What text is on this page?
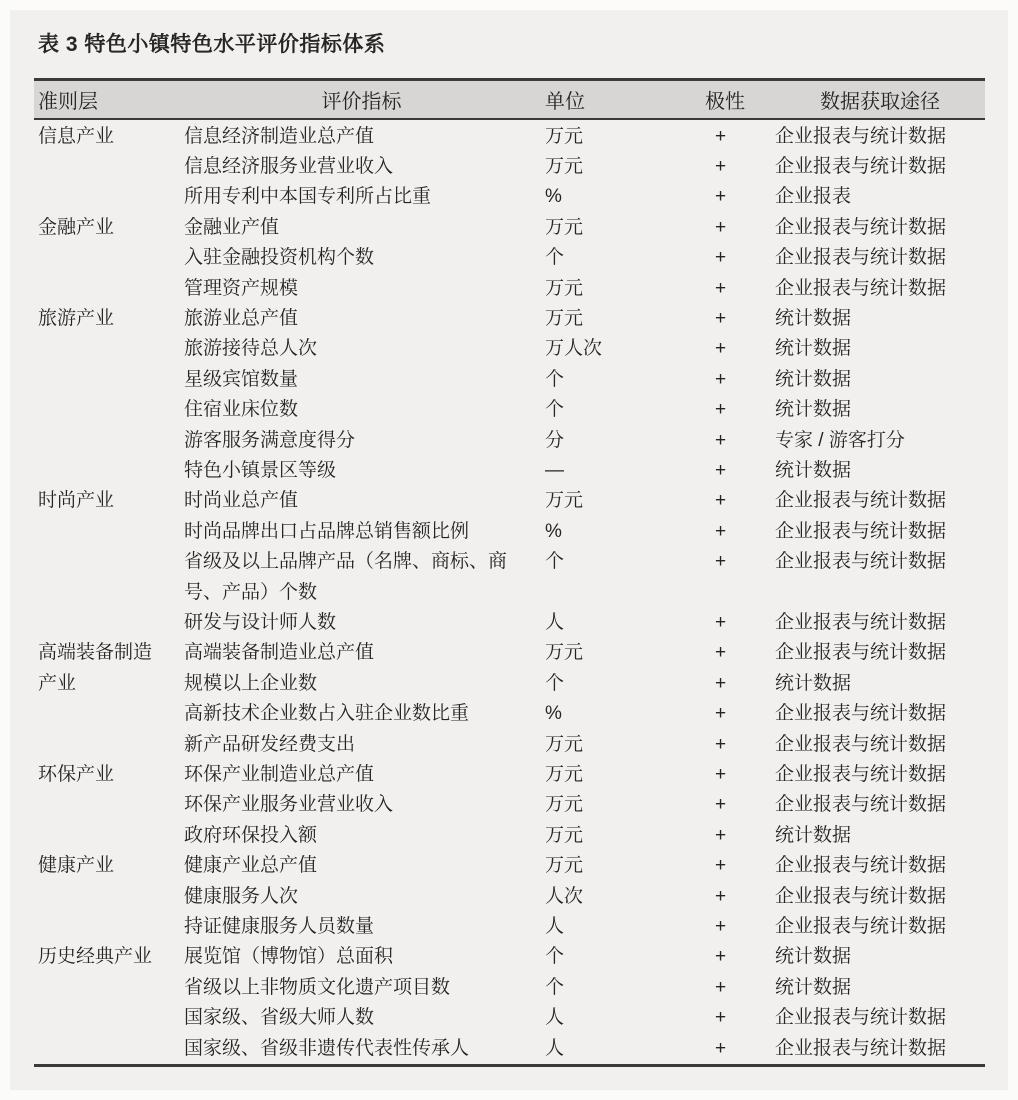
表 3 特色小镇特色水平评价指标体系
准则层	评价指标	单位	极性	数据获取途径
信息产业	信息经济制造业总产值	万元	+	企业报表与统计数据
	信息经济服务业营业收入	万元	+	企业报表与统计数据
	所用专利中本国专利所占比重	%	+	企业报表
金融产业	金融业产值	万元	+	企业报表与统计数据
	入驻金融投资机构个数	个	+	企业报表与统计数据
	管理资产规模	万元	+	企业报表与统计数据
旅游产业	旅游业总产值	万元	+	统计数据
	旅游接待总人次	万人次	+	统计数据
	星级宾馆数量	个	+	统计数据
	住宿业床位数	个	+	统计数据
	游客服务满意度得分	分	+	专家 / 游客打分
	特色小镇景区等级	—	+	统计数据
时尚产业	时尚业总产值	万元	+	企业报表与统计数据
	时尚品牌出口占品牌总销售额比例	%	+	企业报表与统计数据
	省级及以上品牌产品（名牌、商标、商号、产品）个数	个	+	企业报表与统计数据
	研发与设计师人数	人	+	企业报表与统计数据
高端装备制造产业	高端装备制造业总产值	万元	+	企业报表与统计数据
	规模以上企业数	个	+	统计数据
	高新技术企业数占入驻企业数比重	%	+	企业报表与统计数据
	新产品研发经费支出	万元	+	企业报表与统计数据
环保产业	环保产业制造业总产值	万元	+	企业报表与统计数据
	环保产业服务业营业收入	万元	+	企业报表与统计数据
	政府环保投入额	万元	+	统计数据
健康产业	健康产业总产值	万元	+	企业报表与统计数据
	健康服务人次	人次	+	企业报表与统计数据
	持证健康服务人员数量	人	+	企业报表与统计数据
历史经典产业	展览馆（博物馆）总面积	个	+	统计数据
	省级以上非物质文化遗产项目数	个	+	统计数据
	国家级、省级大师人数	人	+	企业报表与统计数据
	国家级、省级非遗传代表性传承人	人	+	企业报表与统计数据
